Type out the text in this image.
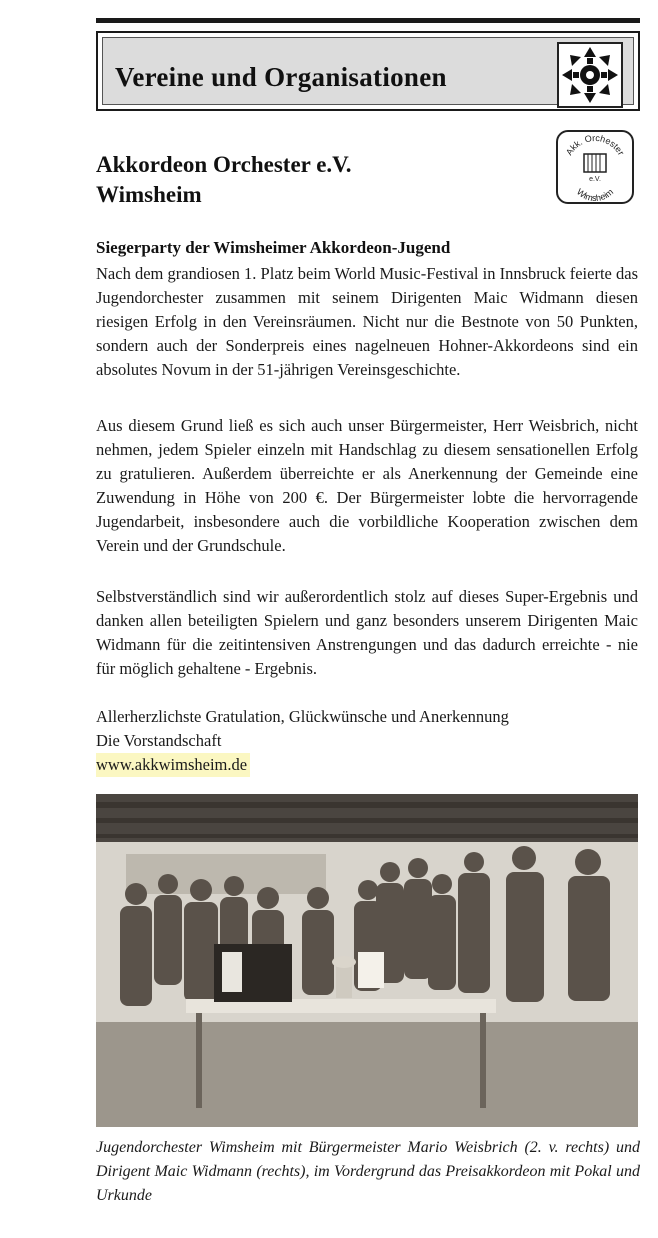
Vereine und Organisationen
Akkordeon Orchester e.V.
Wimsheim
Akk. Orchester
Wimsheim
e.V.
Siegerparty der Wimsheimer Akkordeon-Jugend

Nach dem grandiosen 1. Platz beim World Music-Festival in Innsbruck feierte das Jugendorchester zusammen mit seinem Dirigenten Maic Widmann diesen riesigen Erfolg in den Vereinsräumen. Nicht nur die Bestnote von 50 Punkten, sondern auch der Sonderpreis eines nagelneuen Hohner-Akkordeons sind ein absolutes Novum in der 51-jährigen Vereinsgeschichte.

Aus diesem Grund ließ es sich auch unser Bürgermeister, Herr Weisbrich, nicht nehmen, jedem Spieler einzeln mit Handschlag zu diesem sensationellen Erfolg zu gratulieren. Außerdem überreichte er als Anerkennung der Gemeinde eine Zuwendung in Höhe von 200 €. Der Bürgermeister lobte die hervorragende Jugendarbeit, insbesondere auch die vorbildliche Kooperation zwischen dem Verein und der Grundschule.

Selbstverständlich sind wir außerordentlich stolz auf dieses Super-Ergebnis und danken allen beteiligten Spielern und ganz besonders unserem Dirigenten Maic Widmann für die zeitintensiven Anstrengungen und das dadurch erreichte - nie für möglich gehaltene - Ergebnis.

Allerherzlichste Gratulation, Glückwünsche und Anerkennung

Die Vorstandschaft

www.akkwimsheim.de

Jugendorchester Wimsheim mit Bürgermeister Mario Weisbrich (2. v. rechts) und Dirigent Maic Widmann (rechts), im Vordergrund das Preisakkordeon mit Pokal und Urkunde
